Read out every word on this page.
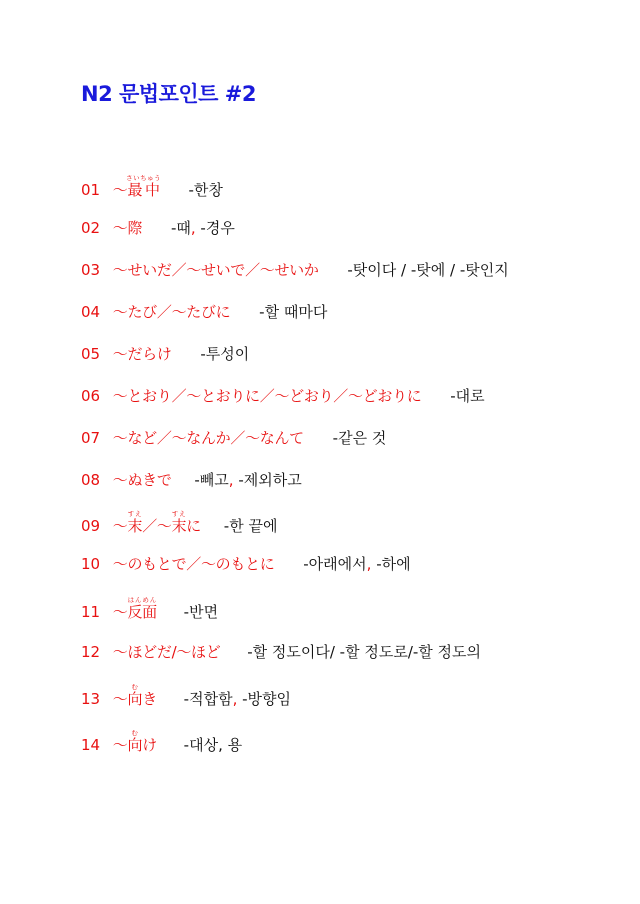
N2 문법포인트 #2
01 ～最中さいちゅう -한창
02 ～際 -때, -경우
03 ～せいだ／～せいで／～せいか -탓이다 / -탓에 / -탓인지
04 ～たび／～たびに -할 때마다
05 ～だらけ -투성이
06 ～とおり／～とおりに／～どおり／～どおりに -대로
07 ～など／～なんか／～なんて -같은 것
08 ～ぬきで -빼고, -제외하고
09 ～末すえ／～末すえに -한 끝에
10 ～のもとで／～のもとに -아래에서, -하에
11 ～反面はんめん -반면
12 ～ほどだ/～ほど -할 정도이다/ -할 정도로/-할 정도의
13 ～向むき -적합함, -방향임
14 ～向むけ -대상, 용
